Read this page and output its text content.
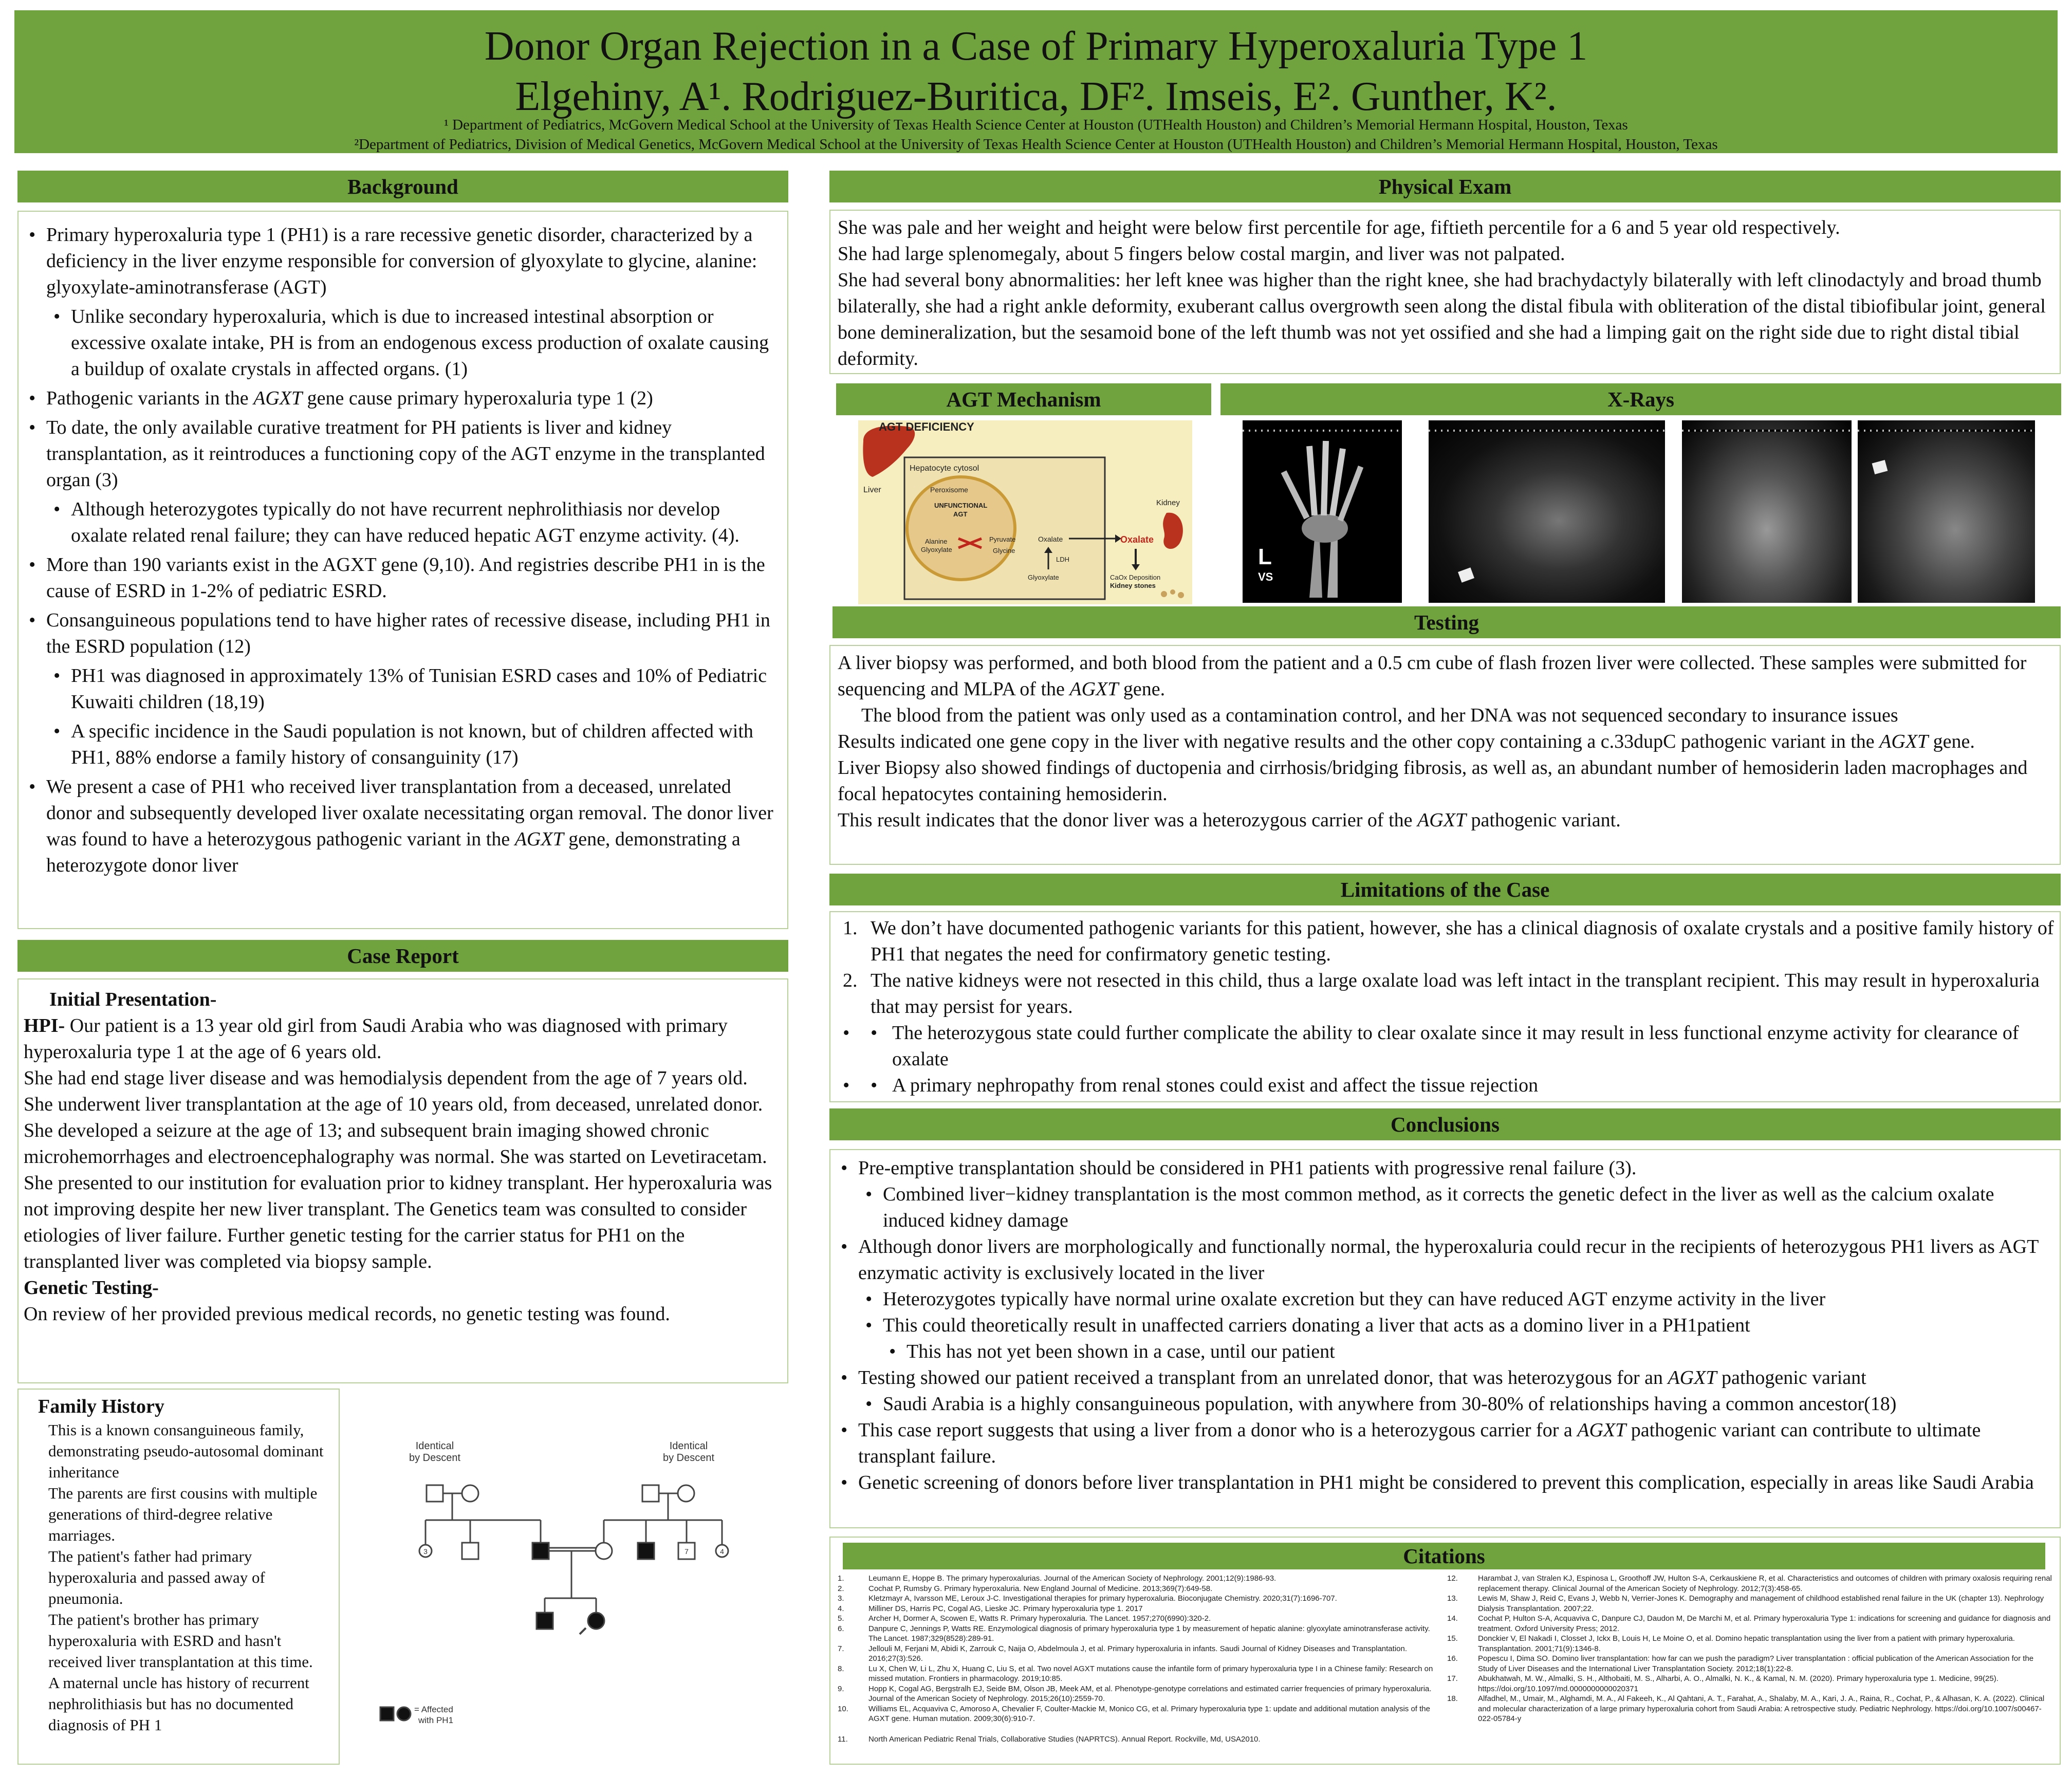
Donor Organ Rejection in a Case of Primary Hyperoxaluria Type 1
Elgehiny, A¹. Rodriguez-Buritica, DF². Imseis, E². Gunther, K².
¹ Department of Pediatrics, McGovern Medical School at the University of Texas Health Science Center at Houston (UTHealth Houston) and Children’s Memorial Hermann Hospital, Houston, Texas
²Department of Pediatrics, Division of Medical Genetics, McGovern Medical School at the University of Texas Health Science Center at Houston (UTHealth Houston) and Children’s Memorial Hermann Hospital, Houston, Texas
Background
• Primary hyperoxaluria type 1 (PH1) is a rare recessive genetic disorder, characterized by a deficiency in the liver enzyme responsible for conversion of glyoxylate to glycine, alanine: glyoxylate-aminotransferase (AGT)
• Unlike secondary hyperoxaluria, which is due to increased intestinal absorption or excessive oxalate intake, PH is from an endogenous excess production of oxalate causing a buildup of oxalate crystals in affected organs. (1)
• Pathogenic variants in the AGXT gene cause primary hyperoxaluria type 1 (2)
• To date, the only available curative treatment for PH patients is liver and kidney transplantation, as it reintroduces a functioning copy of the AGT enzyme in the transplanted organ (3)
• Although heterozygotes typically do not have recurrent nephrolithiasis nor develop oxalate related renal failure; they can have reduced hepatic AGT enzyme activity. (4).
• More than 190 variants exist in the AGXT gene (9,10). And registries describe PH1 in is the cause of ESRD in 1-2% of pediatric ESRD.
• Consanguineous populations tend to have higher rates of recessive disease, including PH1 in the ESRD population (12)
• PH1 was diagnosed in approximately 13% of Tunisian ESRD cases and 10% of Pediatric Kuwaiti children (18,19)
• A specific incidence in the Saudi population is not known, but of children affected with PH1, 88% endorse a family history of consanguinity (17)
• We present a case of PH1 who received liver transplantation from a deceased, unrelated donor and subsequently developed liver oxalate necessitating organ removal. The donor liver was found to have a heterozygous pathogenic variant in the AGXT gene, demonstrating a heterozygote donor liver
Case Report

Initial Presentation-

HPI- Our patient is a 13 year old girl from Saudi Arabia who was diagnosed with primary hyperoxaluria type 1 at the age of 6 years old.

She had end stage liver disease and was hemodialysis dependent from the age of 7 years old. She underwent liver transplantation at the age of 10 years old, from deceased, unrelated donor.

She developed a seizure at the age of 13; and subsequent brain imaging showed chronic microhemorrhages and electroencephalography was normal. She was started on Levetiracetam.

She presented to our institution for evaluation prior to kidney transplant. Her hyperoxaluria was not improving despite her new liver transplant. The Genetics team was consulted to consider etiologies of liver failure. Further genetic testing for the carrier status for PH1 on the transplanted liver was completed via biopsy sample.

Genetic Testing-

On review of her provided previous medical records, no genetic testing was found.

Family History

This is a known consanguineous family, demonstrating pseudo-autosomal dominant inheritance

The parents are first cousins with multiple generations of third-degree relative marriages.

The patient's father had primary hyperoxaluria and passed away of pneumonia.

The patient's brother has primary hyperoxaluria with ESRD and hasn't received liver transplantation at this time.

A maternal uncle has history of recurrent nephrolithiasis but has no documented diagnosis of PH 1

Identical
by Descent
Identical
by Descent
3	7	4
= Affected
with PH1
Physical Exam

She was pale and her weight and height were below first percentile for age, fiftieth percentile for a 6 and 5 year old respectively.

She had large splenomegaly, about 5 fingers below costal margin, and liver was not palpated.

She had several bony abnormalities: her left knee was higher than the right knee, she had brachydactyly bilaterally with left clinodactyly and broad thumb bilaterally, she had a right ankle deformity, exuberant callus overgrowth seen along the distal fibula with obliteration of the distal tibiofibular joint, general bone demineralization, but the sesamoid bone of the left thumb was not yet ossified and she had a limping gait on the right side due to right distal tibial deformity.

AGT Mechanism
AGT DEFICIENCY
Liver
Hepatocyte cytosol
Peroxisome
UNFUNCTIONAL
AGT
Alanine
Glyoxylate
Pyruvate
Glycine
Oxalate
LDH
Glyoxylate
Oxalate
Kidney
CaOx Deposition
Kidney stones
X-Rays
L
VS
Testing

A liver biopsy was performed, and both blood from the patient and a 0.5 cm cube of flash frozen liver were collected. These samples were submitted for sequencing and MLPA of the AGXT gene.

The blood from the patient was only used as a contamination control, and her DNA was not sequenced secondary to insurance issues

Results indicated one gene copy in the liver with negative results and the other copy containing a c.33dupC pathogenic variant in the AGXT gene.

Liver Biopsy also showed findings of ductopenia and cirrhosis/bridging fibrosis, as well as, an abundant number of hemosiderin laden macrophages and focal hepatocytes containing hemosiderin.

This result indicates that the donor liver was a heterozygous carrier of the AGXT pathogenic variant.

Limitations of the Case
1. We don’t have documented pathogenic variants for this patient, however, she has a clinical diagnosis of oxalate crystals and a positive family history of PH1 that negates the need for confirmatory genetic testing.
2. The native kidneys were not resected in this child, thus a large oxalate load was left intact in the transplant recipient. This may result in hyperoxaluria that may persist for years.
• • The heterozygous state could further complicate the ability to clear oxalate since it may result in less functional enzyme activity for clearance of oxalate
• • A primary nephropathy from renal stones could exist and affect the tissue rejection
Conclusions
• Pre-emptive transplantation should be considered in PH1 patients with progressive renal failure (3).
• Combined liver−kidney transplantation is the most common method, as it corrects the genetic defect in the liver as well as the calcium oxalate induced kidney damage
• Although donor livers are morphologically and functionally normal, the hyperoxaluria could recur in the recipients of heterozygous PH1 livers as AGT enzymatic activity is exclusively located in the liver
• Heterozygotes typically have normal urine oxalate excretion but they can have reduced AGT enzyme activity in the liver
• This could theoretically result in unaffected carriers donating a liver that acts as a domino liver in a PH1patient
• This has not yet been shown in a case, until our patient
• Testing showed our patient received a transplant from an unrelated donor, that was heterozygous for an AGXT pathogenic variant
• Saudi Arabia is a highly consanguineous population, with anywhere from 30-80% of relationships having a common ancestor(18)
• This case report suggests that using a liver from a donor who is a heterozygous carrier for a AGXT pathogenic variant can contribute to ultimate transplant failure.
• Genetic screening of donors before liver transplantation in PH1 might be considered to prevent this complication, especially in areas like Saudi Arabia
Citations
1.	Leumann E, Hoppe B. The primary hyperoxalurias. Journal of the American Society of Nephrology. 2001;12(9):1986-93.
2.	Cochat P, Rumsby G. Primary hyperoxaluria. New England Journal of Medicine. 2013;369(7):649-58.
3.	Kletzmayr A, Ivarsson ME, Leroux J-C. Investigational therapies for primary hyperoxaluria. Bioconjugate Chemistry. 2020;31(7):1696-707.
4.	Milliner DS, Harris PC, Cogal AG, Lieske JC. Primary hyperoxaluria type 1. 2017
5.	Archer H, Dormer A, Scowen E, Watts R. Primary hyperoxaluria. The Lancet. 1957;270(6990):320-2.
6.	Danpure C, Jennings P, Watts RE. Enzymological diagnosis of primary hyperoxaluria type 1 by measurement of hepatic alanine: glyoxylate aminotransferase activity. The Lancet. 1987;329(8528):289-91.
7.	Jellouli M, Ferjani M, Abidi K, Zarrouk C, Naija O, Abdelmoula J, et al. Primary hyperoxaluria in infants. Saudi Journal of Kidney Diseases and Transplantation. 2016;27(3):526.
8.	Lu X, Chen W, Li L, Zhu X, Huang C, Liu S, et al. Two novel AGXT mutations cause the infantile form of primary hyperoxaluria type I in a Chinese family: Research on missed mutation. Frontiers in pharmacology. 2019;10:85.
9.	Hopp K, Cogal AG, Bergstralh EJ, Seide BM, Olson JB, Meek AM, et al. Phenotype-genotype correlations and estimated carrier frequencies of primary hyperoxaluria. Journal of the American Society of Nephrology. 2015;26(10):2559-70.
10.	Williams EL, Acquaviva C, Amoroso A, Chevalier F, Coulter-Mackie M, Monico CG, et al. Primary hyperoxaluria type 1: update and additional mutation analysis of the AGXT gene. Human mutation. 2009;30(6):910-7.
11.	North American Pediatric Renal Trials, Collaborative Studies (NAPRTCS). Annual Report. Rockville, Md, USA2010.
12.	Harambat J, van Stralen KJ, Espinosa L, Groothoff JW, Hulton S-A, Cerkauskiene R, et al. Characteristics and outcomes of children with primary oxalosis requiring renal replacement therapy. Clinical Journal of the American Society of Nephrology. 2012;7(3):458-65.
13.	Lewis M, Shaw J, Reid C, Evans J, Webb N, Verrier-Jones K. Demography and management of childhood established renal failure in the UK (chapter 13). Nephrology Dialysis Transplantation. 2007;22.
14.	Cochat P, Hulton S-A, Acquaviva C, Danpure CJ, Daudon M, De Marchi M, et al. Primary hyperoxaluria Type 1: indications for screening and guidance for diagnosis and treatment. Oxford University Press; 2012.
15.	Donckier V, El Nakadi I, Closset J, Ickx B, Louis H, Le Moine O, et al. Domino hepatic transplantation using the liver from a patient with primary hyperoxaluria. Transplantation. 2001;71(9):1346-8.
16.	Popescu I, Dima SO. Domino liver transplantation: how far can we push the paradigm? Liver transplantation : official publication of the American Association for the Study of Liver Diseases and the International Liver Transplantation Society. 2012;18(1):22-8.
17.	Abukhatwah, M. W., Almalki, S. H., Althobaiti, M. S., Alharbi, A. O., Almalki, N. K., & Kamal, N. M. (2020). Primary hyperoxaluria type 1. Medicine, 99(25). https://doi.org/10.1097/md.0000000000020371
18.	Alfadhel, M., Umair, M., Alghamdi, M. A., Al Fakeeh, K., Al Qahtani, A. T., Farahat, A., Shalaby, M. A., Kari, J. A., Raina, R., Cochat, P., & Alhasan, K. A. (2022). Clinical and molecular characterization of a large primary hyperoxaluria cohort from Saudi Arabia: A retrospective study. Pediatric Nephrology. https://doi.org/10.1007/s00467-022-05784-y
